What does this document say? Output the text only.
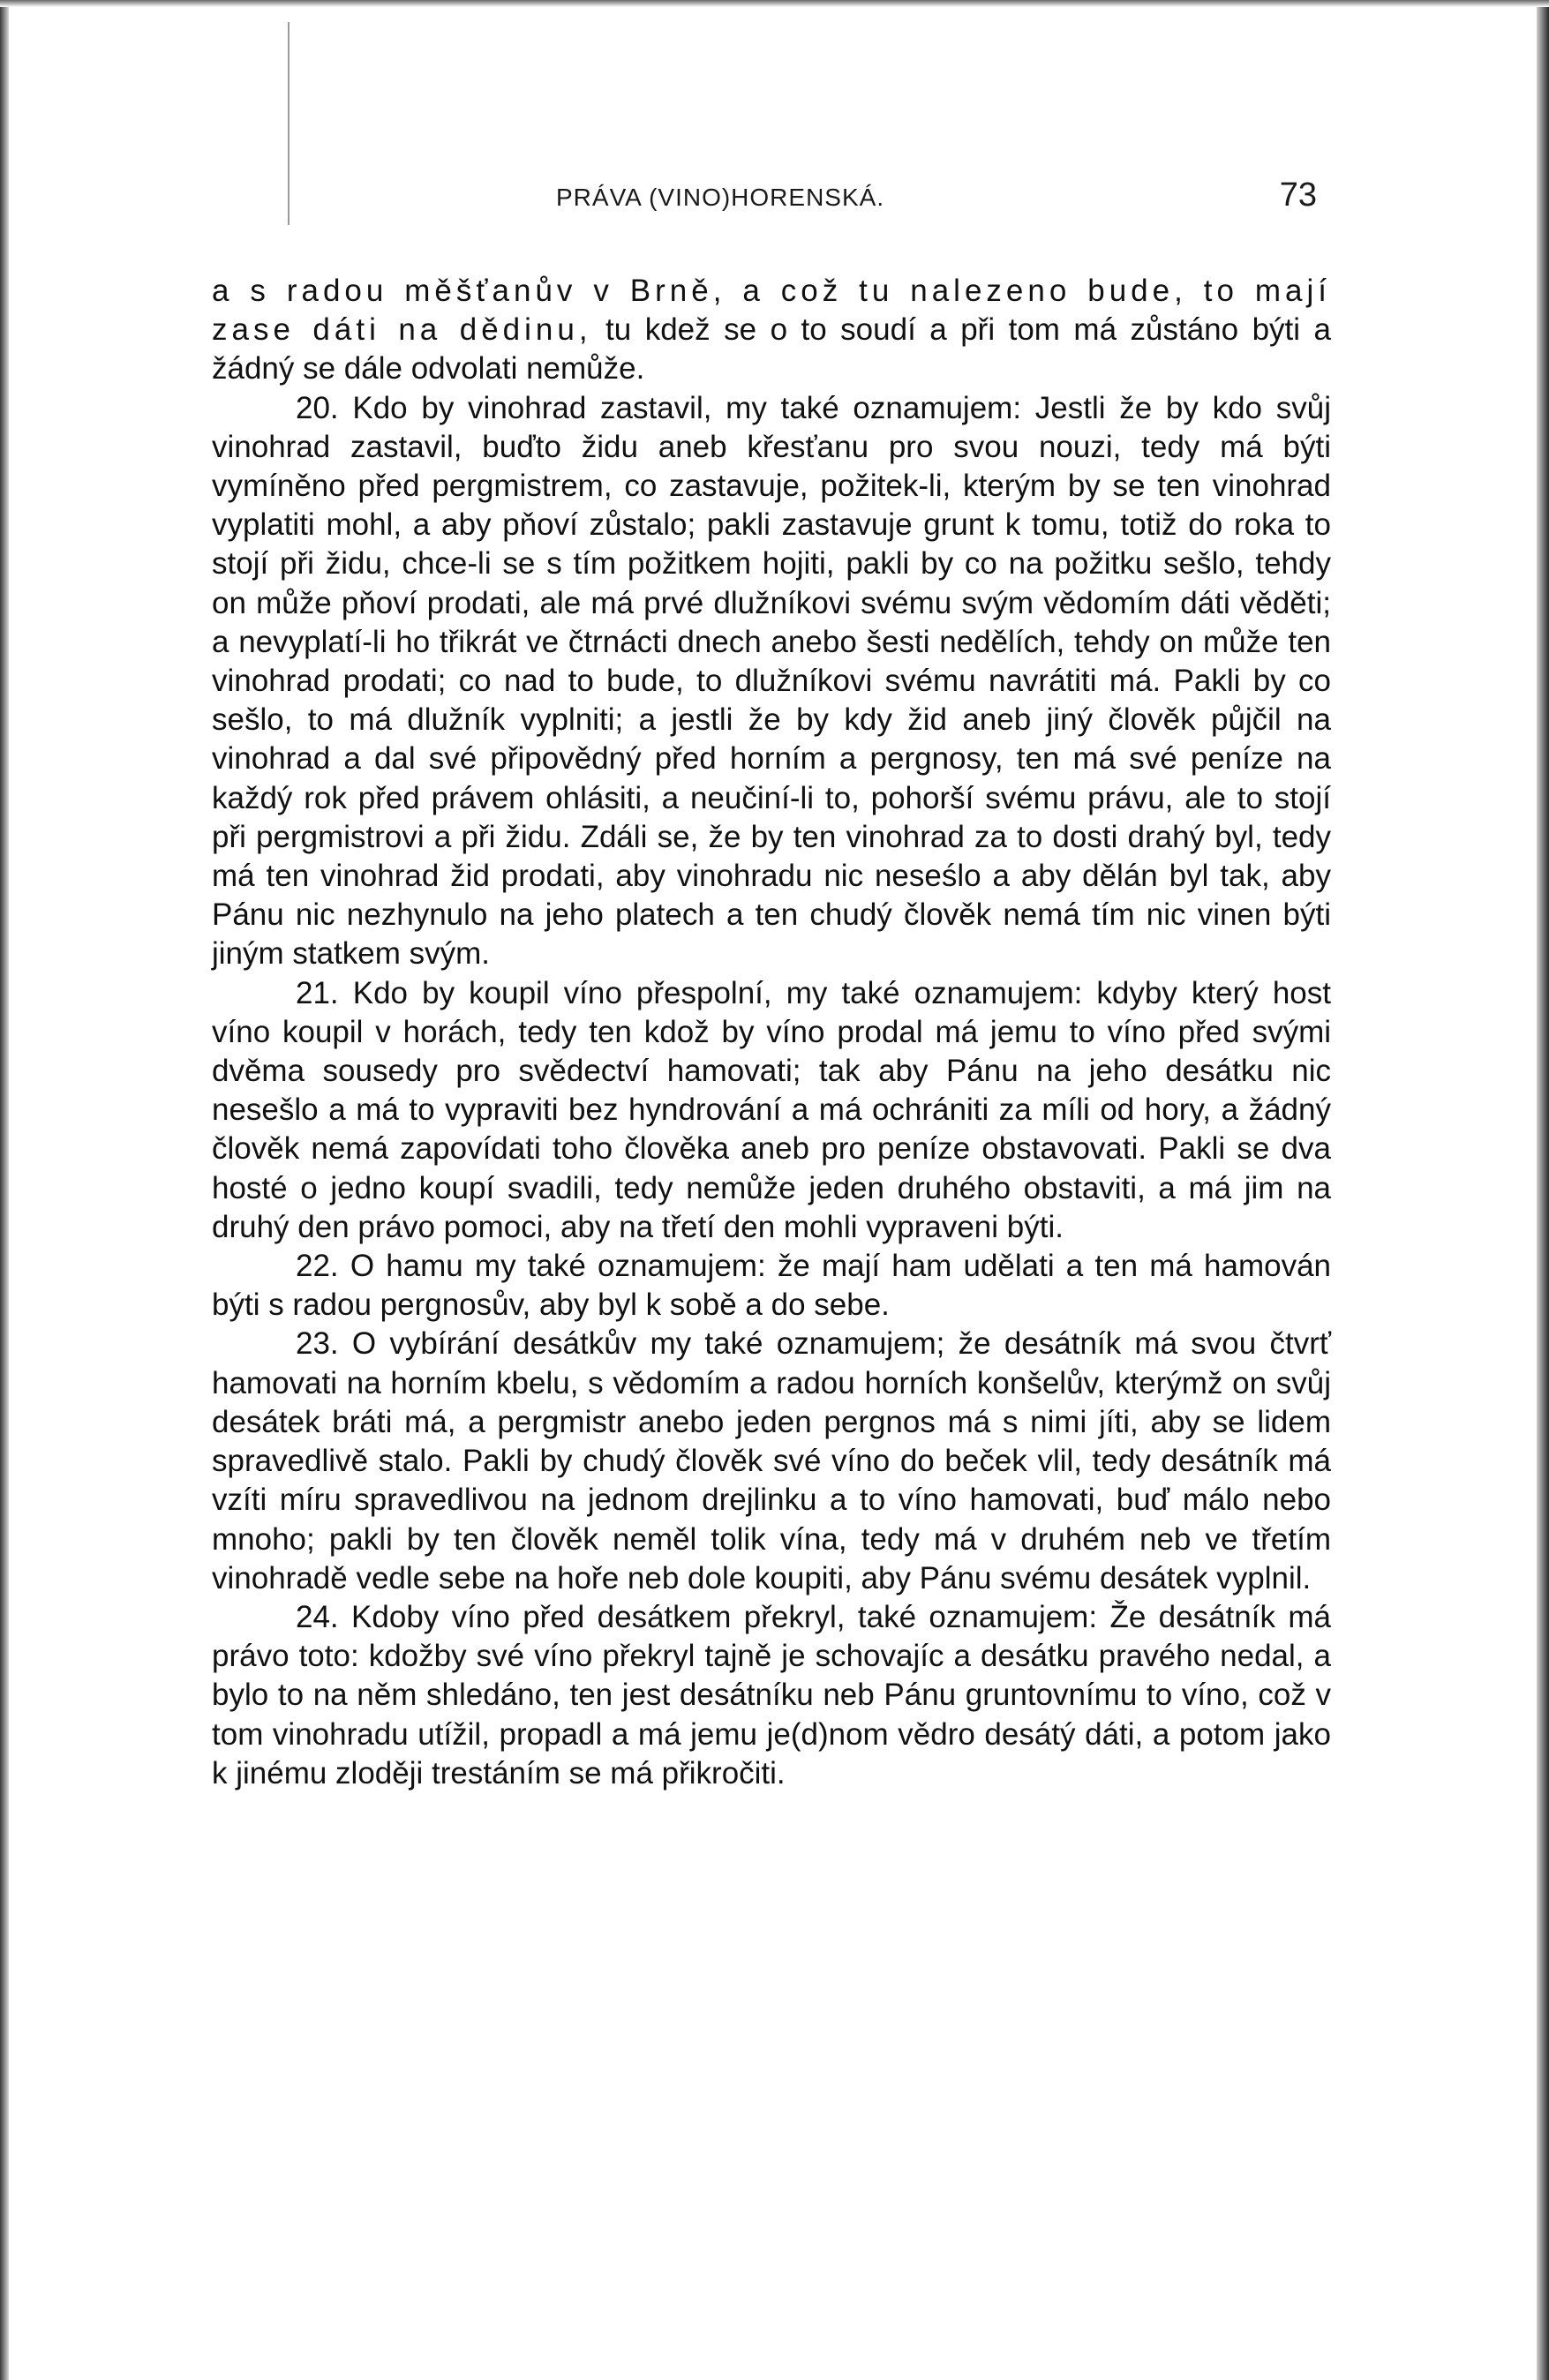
PRÁVA (VINO)HORENSKÁ.	73

a s radou měšťanův v Brně, a což tu nalezeno bude, to mají zase dáti na dědinu, tu kdež se o to soudí a při tom má zůstáno býti a žádný se dále odvolati nemůže.

20. Kdo by vinohrad zastavil, my také oznamujem: Jestli že by kdo svůj vinohrad zastavil, buďto židu aneb křesťanu pro svou nouzi, tedy má býti vymíněno před pergmistrem, co zastavuje, požitek-li, kterým by se ten vinohrad vyplatiti mohl, a aby pňoví zůstalo; pakli zastavuje grunt k tomu, totiž do roka to stojí při židu, chce-li se s tím požitkem hojiti, pakli by co na požitku sešlo, tehdy on může pňoví prodati, ale má prvé dlužníkovi svému svým vědomím dáti věděti; a nevyplatí-li ho třikrát ve čtrnácti dnech anebo šesti nedělích, tehdy on může ten vinohrad prodati; co nad to bude, to dlužníkovi svému navrátiti má. Pakli by co sešlo, to má dlužník vyplniti; a jestli že by kdy žid aneb jiný člověk půjčil na vinohrad a dal své připovědný před horním a pergnosy, ten má své peníze na každý rok před právem ohlásiti, a neučiní-li to, pohorší svému právu, ale to stojí při pergmistrovi a při židu. Zdáli se, že by ten vinohrad za to dosti drahý byl, tedy má ten vinohrad žid prodati, aby vinohradu nic neseślo a aby dělán byl tak, aby Pánu nic nezhynulo na jeho platech a ten chudý člověk nemá tím nic vinen býti jiným statkem svým.

21. Kdo by koupil víno přespolní, my také oznamujem: kdyby který host víno koupil v horách, tedy ten kdož by víno prodal má jemu to víno před svými dvěma sousedy pro svědectví hamovati; tak aby Pánu na jeho desátku nic nesešlo a má to vypraviti bez hyndrování a má ochrániti za míli od hory, a žádný člověk nemá zapovídati toho člověka aneb pro peníze obstavovati. Pakli se dva hosté o jedno koupí svadili, tedy nemůže jeden druhého obstaviti, a má jim na druhý den právo pomoci, aby na třetí den mohli vypraveni býti.

22. O hamu my také oznamujem: že mají ham udělati a ten má hamován býti s radou pergnosův, aby byl k sobě a do sebe.

23. O vybírání desátkův my také oznamujem; že desátník má svou čtvrť hamovati na horním kbelu, s vědomím a radou horních konšelův, kterýmž on svůj desátek bráti má, a pergmistr anebo jeden pergnos má s nimi jíti, aby se lidem spravedlivě stalo. Pakli by chudý člověk své víno do beček vlil, tedy desátník má vzíti míru spravedlivou na jednom drejlinku a to víno hamovati, buď málo nebo mnoho; pakli by ten člověk neměl tolik vína, tedy má v druhém neb ve třetím vinohradě vedle sebe na hoře neb dole koupiti, aby Pánu svému desátek vyplnil.

24. Kdoby víno před desátkem překryl, také oznamujem: Že desátník má právo toto: kdožby své víno překryl tajně je schovajíc a desátku pravého nedal, a bylo to na něm shledáno, ten jest desátníku neb Pánu gruntovnímu to víno, což v tom vinohradu utížil, propadl a má jemu je(d)nom vědro desátý dáti, a potom jako k jinému zloději trestáním se má přikročiti.
